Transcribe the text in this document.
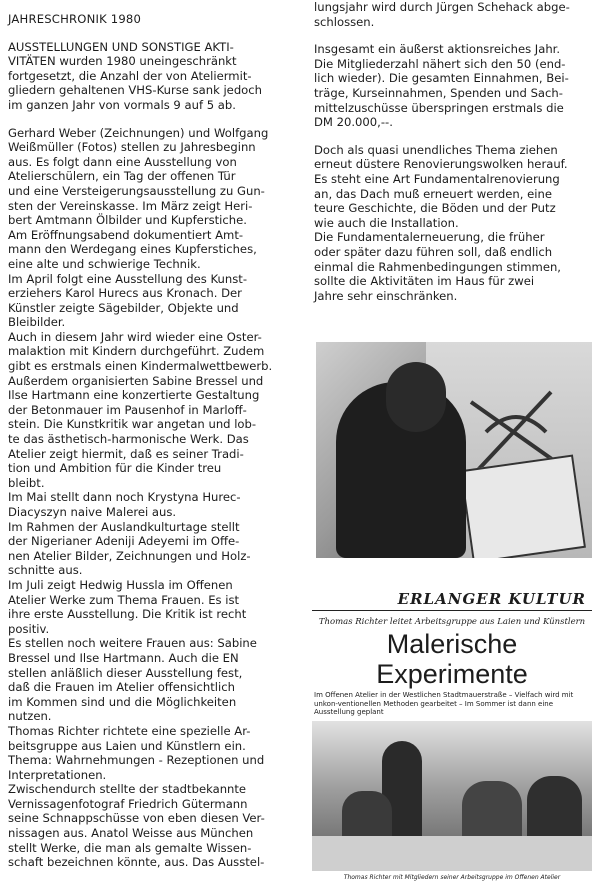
JAHRESCHRONIK 1980

AUSSTELLUNGEN UND SONSTIGE AKTI-
VITÄTEN wurden 1980 uneingeschränkt
fortgesetzt, die Anzahl der von Ateliermit-
gliedern gehaltenen VHS-Kurse sank jedoch
im ganzen Jahr von vormals 9 auf 5 ab.

Gerhard Weber (Zeichnungen) und Wolfgang
Weißmüller (Fotos) stellen zu Jahresbeginn
aus. Es folgt dann eine Ausstellung von
Atelierschülern, ein Tag der offenen Tür
und eine Versteigerungsausstellung zu Gun-
sten der Vereinskasse. Im März zeigt Heri-
bert Amtmann Ölbilder und Kupferstiche.
Am Eröffnungsabend dokumentiert Amt-
mann den Werdegang eines Kupferstiches,
eine alte und schwierige Technik.
Im April folgt eine Ausstellung des Kunst-
erziehers Karol Hurecs aus Kronach. Der
Künstler zeigte Sägebilder, Objekte und
Bleibilder.
Auch in diesem Jahr wird wieder eine Oster-
malaktion mit Kindern durchgeführt. Zudem
gibt es erstmals einen Kindermalwettbewerb.
Außerdem organisierten Sabine Bressel und
Ilse Hartmann eine konzertierte Gestaltung
der Betonmauer im Pausenhof in Marloff-
stein. Die Kunstkritik war angetan und lob-
te das ästhetisch-harmonische Werk. Das
Atelier zeigt hiermit, daß es seiner Tradi-
tion und Ambition für die Kinder treu
bleibt.
Im Mai stellt dann noch Krystyna Hurec-
Diacyszyn naive Malerei aus.
Im Rahmen der Auslandkulturtage stellt
der Nigerianer Adeniji Adeyemi im Offe-
nen Atelier Bilder, Zeichnungen und Holz-
schnitte aus.
Im Juli zeigt Hedwig Hussla im Offenen
Atelier Werke zum Thema Frauen. Es ist
ihre erste Ausstellung. Die Kritik ist recht
positiv.
Es stellen noch weitere Frauen aus: Sabine
Bressel und Ilse Hartmann. Auch die EN
stellen anläßlich dieser Ausstellung fest,
daß die Frauen im Atelier offensichtlich
im Kommen sind und die Möglichkeiten
nutzen.
Thomas Richter richtete eine spezielle Ar-
beitsgruppe aus Laien und Künstlern ein.
Thema: Wahrnehmungen - Rezeptionen und
Interpretationen.
Zwischendurch stellte der stadtbekannte
Vernissagenfotograf Friedrich Gütermann
seine Schnappschüsse von eben diesen Ver-
nissagen aus. Anatol Weisse aus München
stellt Werke, die man als gemalte Wissen-
schaft bezeichnen könnte, aus. Das Ausstel-

lungsjahr wird durch Jürgen Schehack abge-
schlossen.

Insgesamt ein äußerst aktionsreiches Jahr.
Die Mitgliederzahl nähert sich den 50 (end-
lich wieder). Die gesamten Einnahmen, Bei-
träge, Kurseinnahmen, Spenden und Sach-
mittelzuschüsse überspringen erstmals die
DM 20.000,--.

Doch als quasi unendliches Thema ziehen
erneut düstere Renovierungswolken herauf.
Es steht eine Art Fundamentalrenovierung
an, das Dach muß erneuert werden, eine
teure Geschichte, die Böden und der Putz
wie auch die Installation.
Die Fundamentalerneuerung, die früher
oder später dazu führen soll, daß endlich
einmal die Rahmenbedingungen stimmen,
sollte die Aktivitäten im Haus für zwei
Jahre sehr einschränken.

ERLANGER KULTUR
Thomas Richter leitet Arbeitsgruppe aus Laien und Künstlern
Malerische Experimente
Im Offenen Atelier in der Westlichen Stadtmauerstraße – Vielfach wird mit unkon-ventionellen Methoden gearbeitet – Im Sommer ist dann eine Ausstellung geplant
Thomas Richter mit Mitgliedern seiner Arbeitsgruppe im Offenen Atelier
